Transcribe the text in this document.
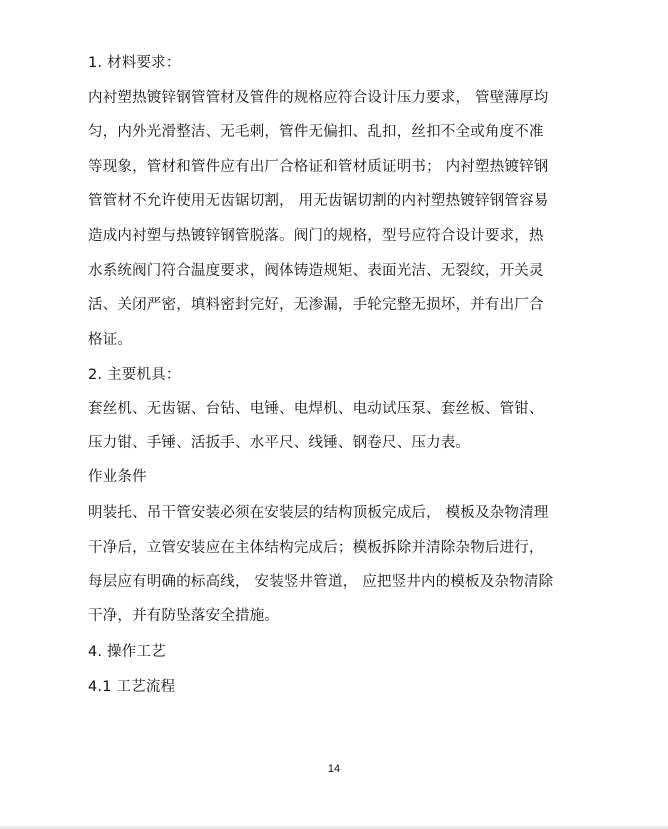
1. 材料要求：
内衬塑热镀锌钢管管材及管件的规格应符合设计压力要求， 管壁薄厚均
匀，内外光滑整洁、无毛刺，管件无偏扣、乱扣，丝扣不全或角度不准
等现象，管材和管件应有出厂合格证和管材质证明书； 内衬塑热镀锌钢
管管材不允许使用无齿锯切割， 用无齿锯切割的内衬塑热镀锌钢管容易
造成内衬塑与热镀锌钢管脱落。阀门的规格，型号应符合设计要求，热
水系统阀门符合温度要求，阀体铸造规矩、表面光洁、无裂纹，开关灵
活、关闭严密，填料密封完好，无渗漏，手轮完整无损坏，并有出厂合
格证。
2. 主要机具：
套丝机、无齿锯、台钻、电锤、电焊机、电动试压泵、套丝板、管钳、
压力钳、手锤、活扳手、水平尺、线锤、钢卷尺、压力表。
作业条件
明装托、吊干管安装必须在安装层的结构顶板完成后， 模板及杂物清理
干净后，立管安装应在主体结构完成后；模板拆除并清除杂物后进行，
每层应有明确的标高线， 安装竖井管道， 应把竖井内的模板及杂物清除
干净，并有防坠落安全措施。
4. 操作工艺
4.1 工艺流程
14
